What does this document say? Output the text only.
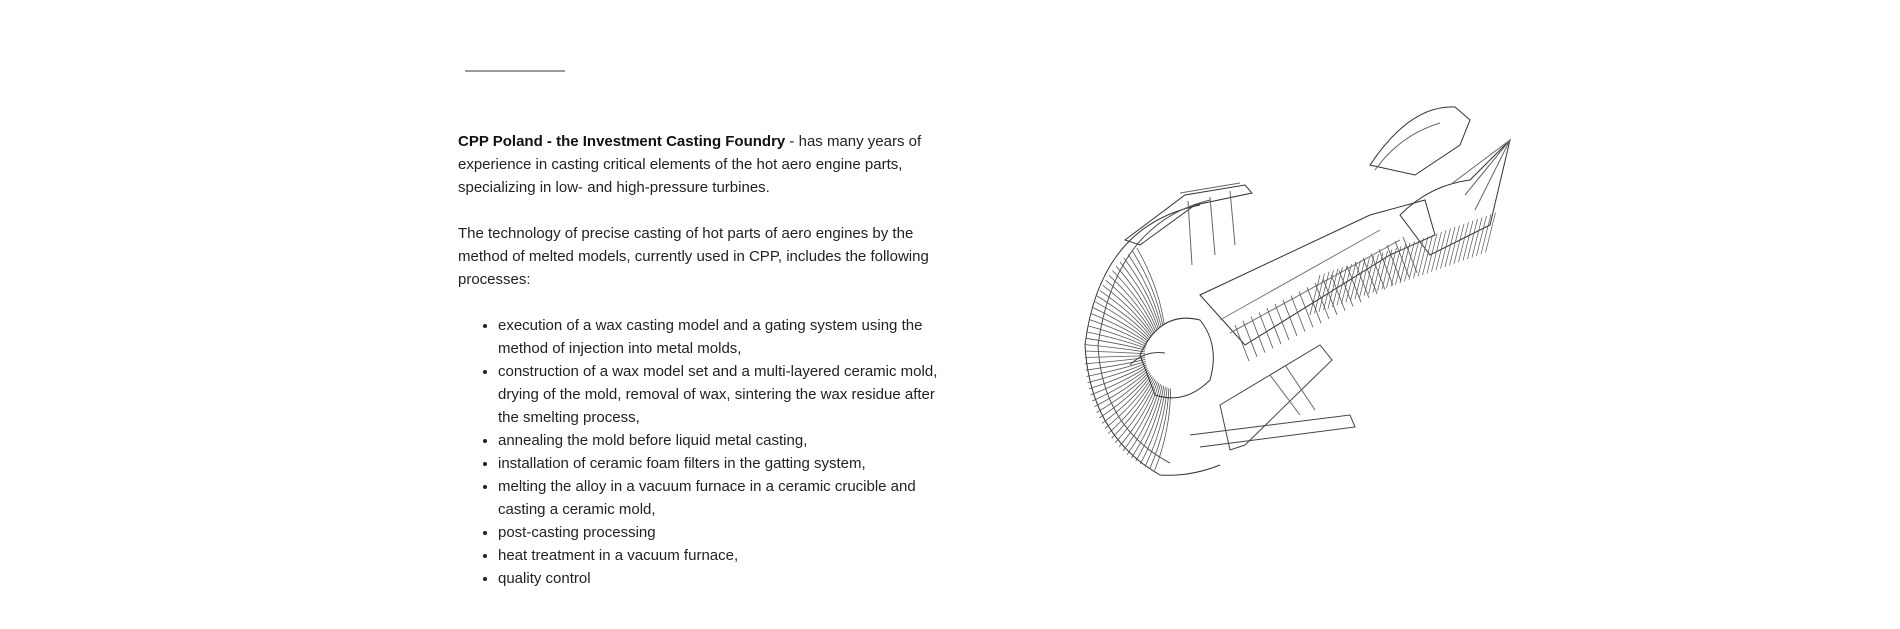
CPP Poland - the Investment Casting Foundry - has many years of experience in casting critical elements of the hot aero engine parts, specializing in low- and high-pressure turbines.

The technology of precise casting of hot parts of aero engines by the method of melted models, currently used in CPP, includes the following processes:

• execution of a wax casting model and a gating system using the method of injection into metal molds,
• construction of a wax model set and a multi-layered ceramic mold, drying of the mold, removal of wax, sintering the wax residue after the smelting process,
• annealing the mold before liquid metal casting,
• installation of ceramic foam filters in the gatting system,
• melting the alloy in a vacuum furnace in a ceramic crucible and casting a ceramic mold,
• post-casting processing
• heat treatment in a vacuum furnace,
• quality control
